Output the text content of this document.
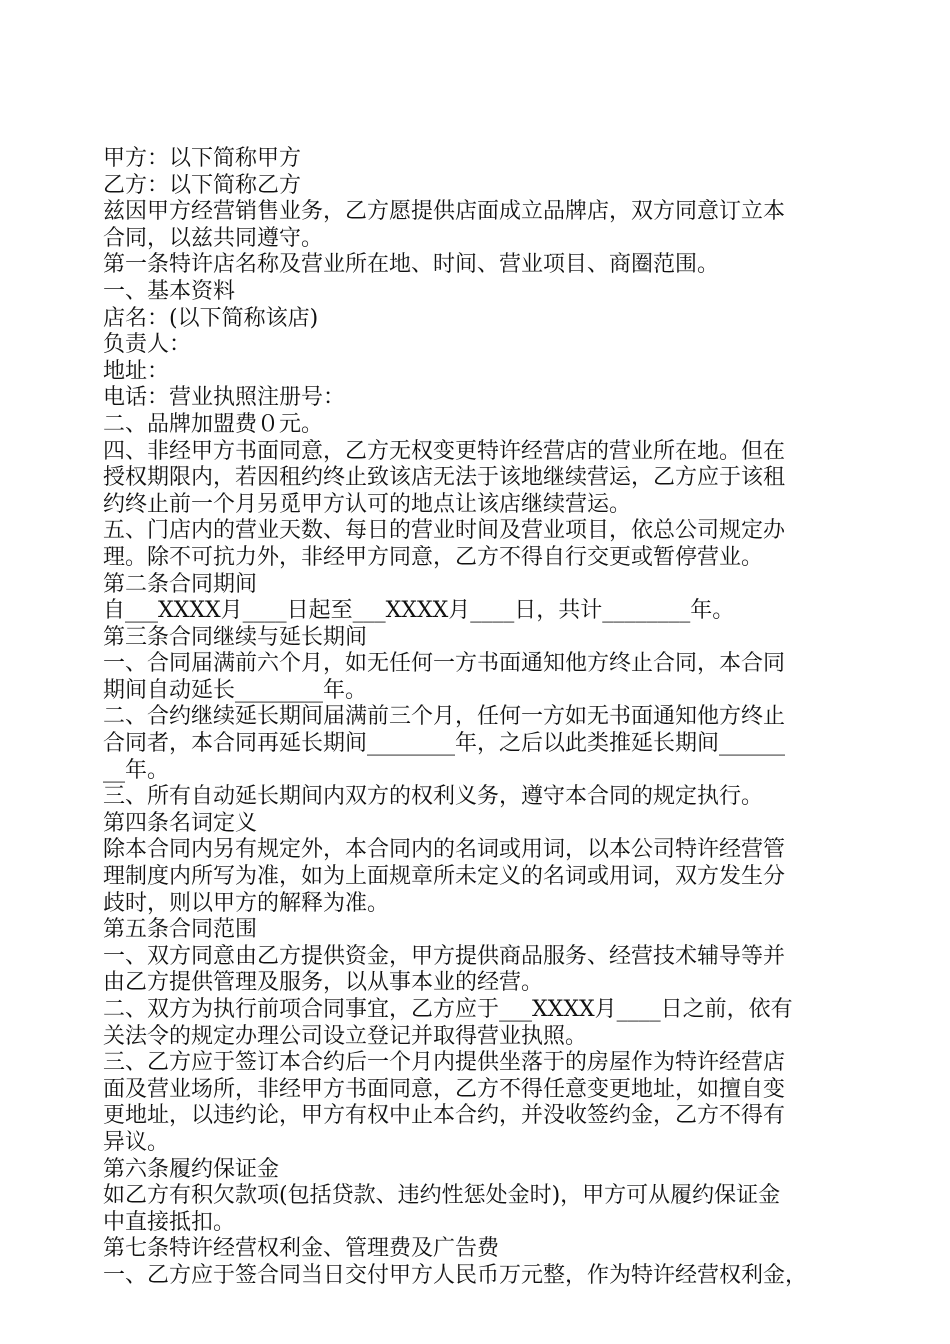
甲方：以下简称甲方
乙方：以下简称乙方
兹因甲方经营销售业务，乙方愿提供店面成立品牌店，双方同意订立本
合同，以兹共同遵守。
第一条特许店名称及营业所在地、时间、营业项目、商圈范围。
一、基本资料
店名：(以下简称该店)
负责人：
地址：
电话：营业执照注册号：
二、品牌加盟费０元。
四、非经甲方书面同意，乙方无权变更特许经营店的营业所在地。但在
授权期限内，若因租约终止致该店无法于该地继续营运，乙方应于该租
约终止前一个月另觅甲方认可的地点让该店继续营运。
五、门店内的营业天数、每日的营业时间及营业项目，依总公司规定办
理。除不可抗力外，非经甲方同意，乙方不得自行交更或暂停营业。
第二条合同期间
自___XXXX月____日起至___XXXX月____日，共计________年。
第三条合同继续与延长期间
一、合同届满前六个月，如无任何一方书面通知他方终止合同，本合同
期间自动延长________年。
二、合约继续延长期间届满前三个月，任何一方如无书面通知他方终止
合同者，本合同再延长期间________年，之后以此类推延长期间______
__年。
三、所有自动延长期间内双方的权利义务，遵守本合同的规定执行。
第四条名词定义
除本合同内另有规定外，本合同内的名词或用词，以本公司特许经营管
理制度内所写为准，如为上面规章所未定义的名词或用词，双方发生分
歧时，则以甲方的解释为准。
第五条合同范围
一、双方同意由乙方提供资金，甲方提供商品服务、经营技术辅导等并
由乙方提供管理及服务，以从事本业的经营。
二、双方为执行前项合同事宜，乙方应于___XXXX月____日之前，依有
关法令的规定办理公司设立登记并取得营业执照。
三、乙方应于签订本合约后一个月内提供坐落于的房屋作为特许经营店
面及营业场所，非经甲方书面同意，乙方不得任意变更地址，如擅自变
更地址，以违约论，甲方有权中止本合约，并没收签约金，乙方不得有
异议。
第六条履约保证金
如乙方有积欠款项(包括贷款、违约性惩处金时)，甲方可从履约保证金
中直接抵扣。
第七条特许经营权利金、管理费及广告费
一、乙方应于签合同当日交付甲方人民币万元整，作为特许经营权利金，
